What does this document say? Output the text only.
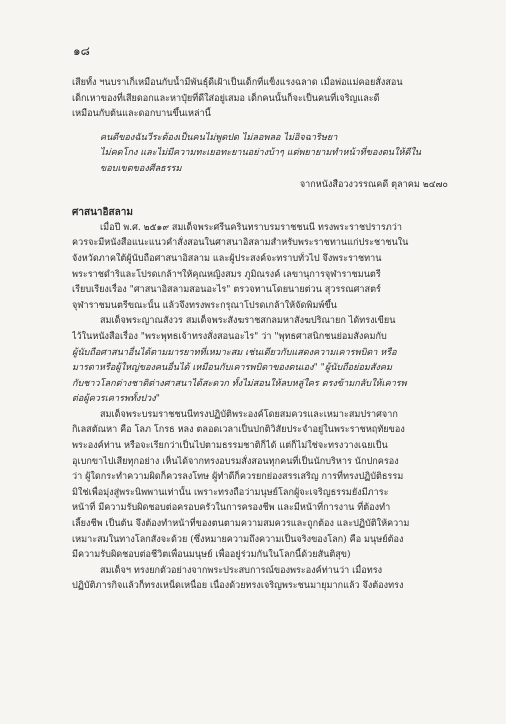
๑๘
เสียทั้ง ฯนบราเก็เหมือนกับน้ำมีพันธุ์ดีเฝ้าเป็นเด็กที่แข็งแรงฉลาด เมื่อพ่อแม่คอยสั่งสอน
เด็กเหาของที่เสียดอกและหาปุ๋ยที่ดีใส่อยู่เสมอ เด็กคนนั้นก็จะเป็นคนที่เจริญและดี
เหมือนกับต้นและดอกบานขึ้นเหล่านี้
คนดีของฉันวีระต้องเป็นคนไม่พูดปด ไม่ลอพลอ ไม่อิจฉาริษยา
ไม่คดโกง และไม่มีความทะเยอทะยานอย่างบ้าๆ แต่พยายามทำหน้าที่ของตนให้ดีใน
ขอบเขตของศีลธรรม
จากหนังสือวงวรรณคดี ตุลาคม ๒๔๗๐
ศาสนาอิสลาม
เมื่อปี พ.ศ. ๒๕๑๙ สมเด็จพระศรีนครินทราบรมราชชนนี ทรงพระราชปรารภว่า
ควรจะมีหนังสือแนะแนวคำสั่งสอนในศาสนาอิสลามสำหรับพระราชทานแก่ประชาชนใน
จังหวัดภาคใต้ผู้นับถือศาสนาอิสลาม และผู้ประสงค์จะทราบทั่วไป จึงพระราชทาน
พระราชดำริและโปรดเกล้าฯให้คุณหญิงสมร ภูมิณรงค์ เลขานุการจุฬาราชมนตรี
เรียบเรียงเรื่อง "ศาสนาอิสลามสอนอะไร" ตรวจทานโดยนายต่วน สุวรรณศาสตร์
จุฬาราชมนตรีขณะนั้น แล้วจึงทรงพระกรุณาโปรดเกล้าให้จัดพิมพ์ขึ้น
สมเด็จพระญาณสังวร สมเด็จพระสังฆราชสกลมหาสังฆปริณายก ได้ทรงเขียน
ไว้ในหนังสือเรื่อง "พระพุทธเจ้าทรงสั่งสอนอะไร" ว่า "พุทธศาสนิกชนย่อมสังคมกับ
ผู้นับถือศาสนาอื่นได้ตามมารยาทที่เหมาะสม เช่นเดียวกับแสดงความเคารพบิดา หรือ
มารดาหรือผู้ใหญ่ของคนอื่นได้ เหมือนกับเคารพบิดาของตนเอง" "ผู้นับถือย่อมสังคม
กับชาวโลกต่างชาติต่างศาสนาได้สะดวก ทั้งไม่สอนให้ลบหลู่ใคร ตรงข้ามกลับให้เคารพ
ต่อผู้ควรเคารพทั้งปวง"
สมเด็จพระบรมราชชนนีทรงปฏิบัติพระองค์โดยสมควรและเหมาะสมปราศจาก
กิเลสตัณหา คือ โลภ โกรธ หลง ตลอดเวลาเป็นปกติวิสัยประจำอยู่ในพระราชหฤทัยของ
พระองค์ท่าน หรือจะเรียกว่าเป็นไปตามธรรมชาติก็ได้ แต่ก็ไม่ใช่จะทรงวางเฉยเป็น
อุเบกขาไปเสียทุกอย่าง เห็นได้จากทรงอบรมสั่งสอนทุกคนที่เป็นนักบริหาร นักปกครอง
ว่า ผู้ใดกระทำความผิดก็ควรลงโทษ ผู้ทำดีก็ควรยกย่องสรรเสริญ การที่ทรงปฏิบัติธรรม
มิใช่เพื่อมุ่งสู่พระนิพพานเท่านั้น เพราะทรงถือว่ามนุษย์โลกผู้จะเจริญธรรมยังมีภาระ
หน้าที่ มีความรับผิดชอบต่อครอบครัวในการครองชีพ และมีหน้าที่การงาน ที่ต้องทำ
เลี้ยงชีพ เป็นต้น จึงต้องทำหน้าที่ของตนตามความสมควรและถูกต้อง และปฏิบัติให้ความ
เหมาะสมในทางโลกสังจะด้วย (ซึ่งหมายความถึงความเป็นจริงของโลก) คือ มนุษย์ต้อง
มีความรับผิดชอบต่อชีวิตเพื่อนมนุษย์ เพื่ออยู่ร่วมกันในโลกนี้ด้วยสันติสุข)
สมเด็จฯ ทรงยกตัวอย่างจากพระประสบการณ์ของพระองค์ท่านว่า เมื่อทรง
ปฏิบัติภารกิจแล้วก็ทรงเหน็ดเหนื่อย เนื่องด้วยทรงเจริญพระชนมายุมากแล้ว จึงต้องทรง
